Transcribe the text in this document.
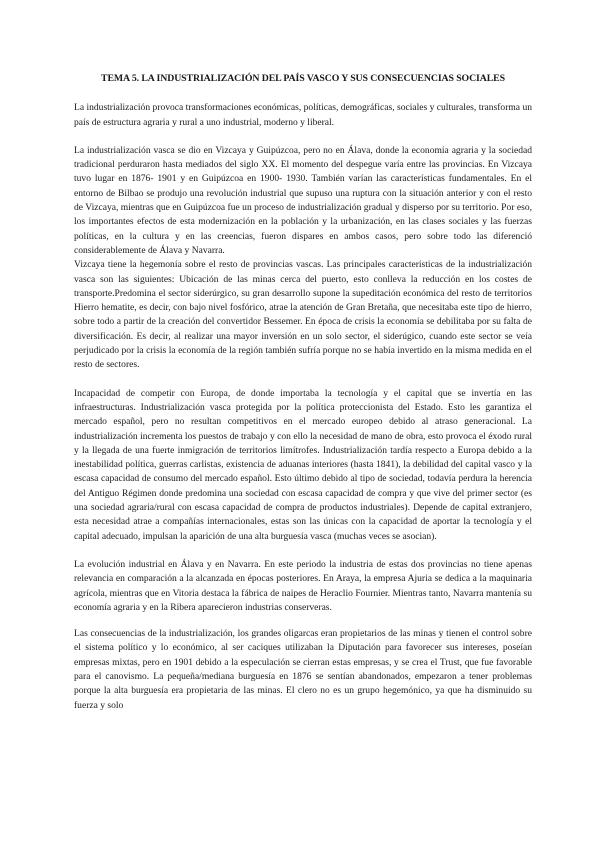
TEMA 5. LA INDUSTRIALIZACIÓN DEL PAÍS VASCO Y SUS CONSECUENCIAS SOCIALES

La industrialización provoca transformaciones económicas, políticas, demográficas, sociales y culturales, transforma un país de estructura agraria y rural a uno industrial, moderno y liberal.

La industrialización vasca se dio en Vizcaya y Guipúzcoa, pero no en Álava, donde la economía agraria y la sociedad tradicional perduraron hasta mediados del siglo XX. El momento del despegue varía entre las provincias. En Vizcaya tuvo lugar en 1876- 1901 y en Guipúzcoa en 1900- 1930. También varían las características fundamentales. En el entorno de Bilbao se produjo una revolución industrial que supuso una ruptura con la situación anterior y con el resto de Vizcaya, mientras que en Guipúzcoa fue un proceso de industrialización gradual y disperso por su territorio. Por eso, los importantes efectos de esta modernización en la población y la urbanización, en las clases sociales y las fuerzas políticas, en la cultura y en las creencias, fueron dispares en ambos casos, pero sobre todo las diferenció considerablemente de Álava y Navarra.

Vizcaya tiene la hegemonía sobre el resto de provincias vascas. Las principales características de la industrialización vasca son las siguientes: Ubicación de las minas cerca del puerto, esto conlleva la reducción en los costes de transporte.Predomina el sector siderúrgico, su gran desarrollo supone la supeditación económica del resto de territorios Hierro hematite, es decir, con bajo nivel fosfórico, atrae la atención de Gran Bretaña, que necesitaba este tipo de hierro, sobre todo a partir de la creación del convertidor Bessemer. En época de crisis la economía se debilitaba por su falta de diversificación. Es decir, al realizar una mayor inversión en un solo sector, el siderúgico, cuando este sector se veía perjudicado por la crisis la economía de la región también sufría porque no se había invertido en la misma medida en el resto de sectores.

Incapacidad de competir con Europa, de donde importaba la tecnología y el capital que se invertía en las infraestructuras. Industrialización vasca protegida por la política proteccionista del Estado. Esto les garantiza el mercado español, pero no resultan competitivos en el mercado europeo debido al atraso generacional. La industrialización incrementa los puestos de trabajo y con ello la necesidad de mano de obra, esto provoca el éxodo rural y la llegada de una fuerte inmigración de territorios limítrofes. Industrialización tardía respecto a Europa debido a la inestabilidad política, guerras carlistas, existencia de aduanas interiores (hasta 1841), la debilidad del capital vasco y la escasa capacidad de consumo del mercado español. Esto último debido al tipo de sociedad, todavía perdura la herencia del Antiguo Régimen donde predomina una sociedad con escasa capacidad de compra y que vive del primer sector (es una sociedad agraria/rural con escasa capacidad de compra de productos industriales). Depende de capital extranjero, esta necesidad atrae a compañías internacionales, estas son las únicas con la capacidad de aportar la tecnología y el capital adecuado, impulsan la aparición de una alta burguesía vasca (muchas veces se asocian).

La evolución industrial en Álava y en Navarra. En este periodo la industria de estas dos provincias no tiene apenas relevancia en comparación a la alcanzada en épocas posteriores. En Araya, la empresa Ajuria se dedica a la maquinaria agrícola, mientras que en Vitoria destaca la fábrica de naipes de Heraclio Fournier. Mientras tanto, Navarra mantenía su economía agraria y en la Ribera aparecieron industrias conserveras.

Las consecuencias de la industrialización, los grandes oligarcas eran propietarios de las minas y tienen el control sobre el sistema político y lo económico, al ser caciques utilizaban la Diputación para favorecer sus intereses, poseían empresas mixtas, pero en 1901 debido a la especulación se cierran estas empresas, y se crea el Trust, que fue favorable para el canovismo. La pequeña/mediana burguesía en 1876 se sentían abandonados, empezaron a tener problemas porque la alta burguesía era propietaria de las minas. El clero no es un grupo hegemónico, ya que ha disminuido su fuerza y solo
